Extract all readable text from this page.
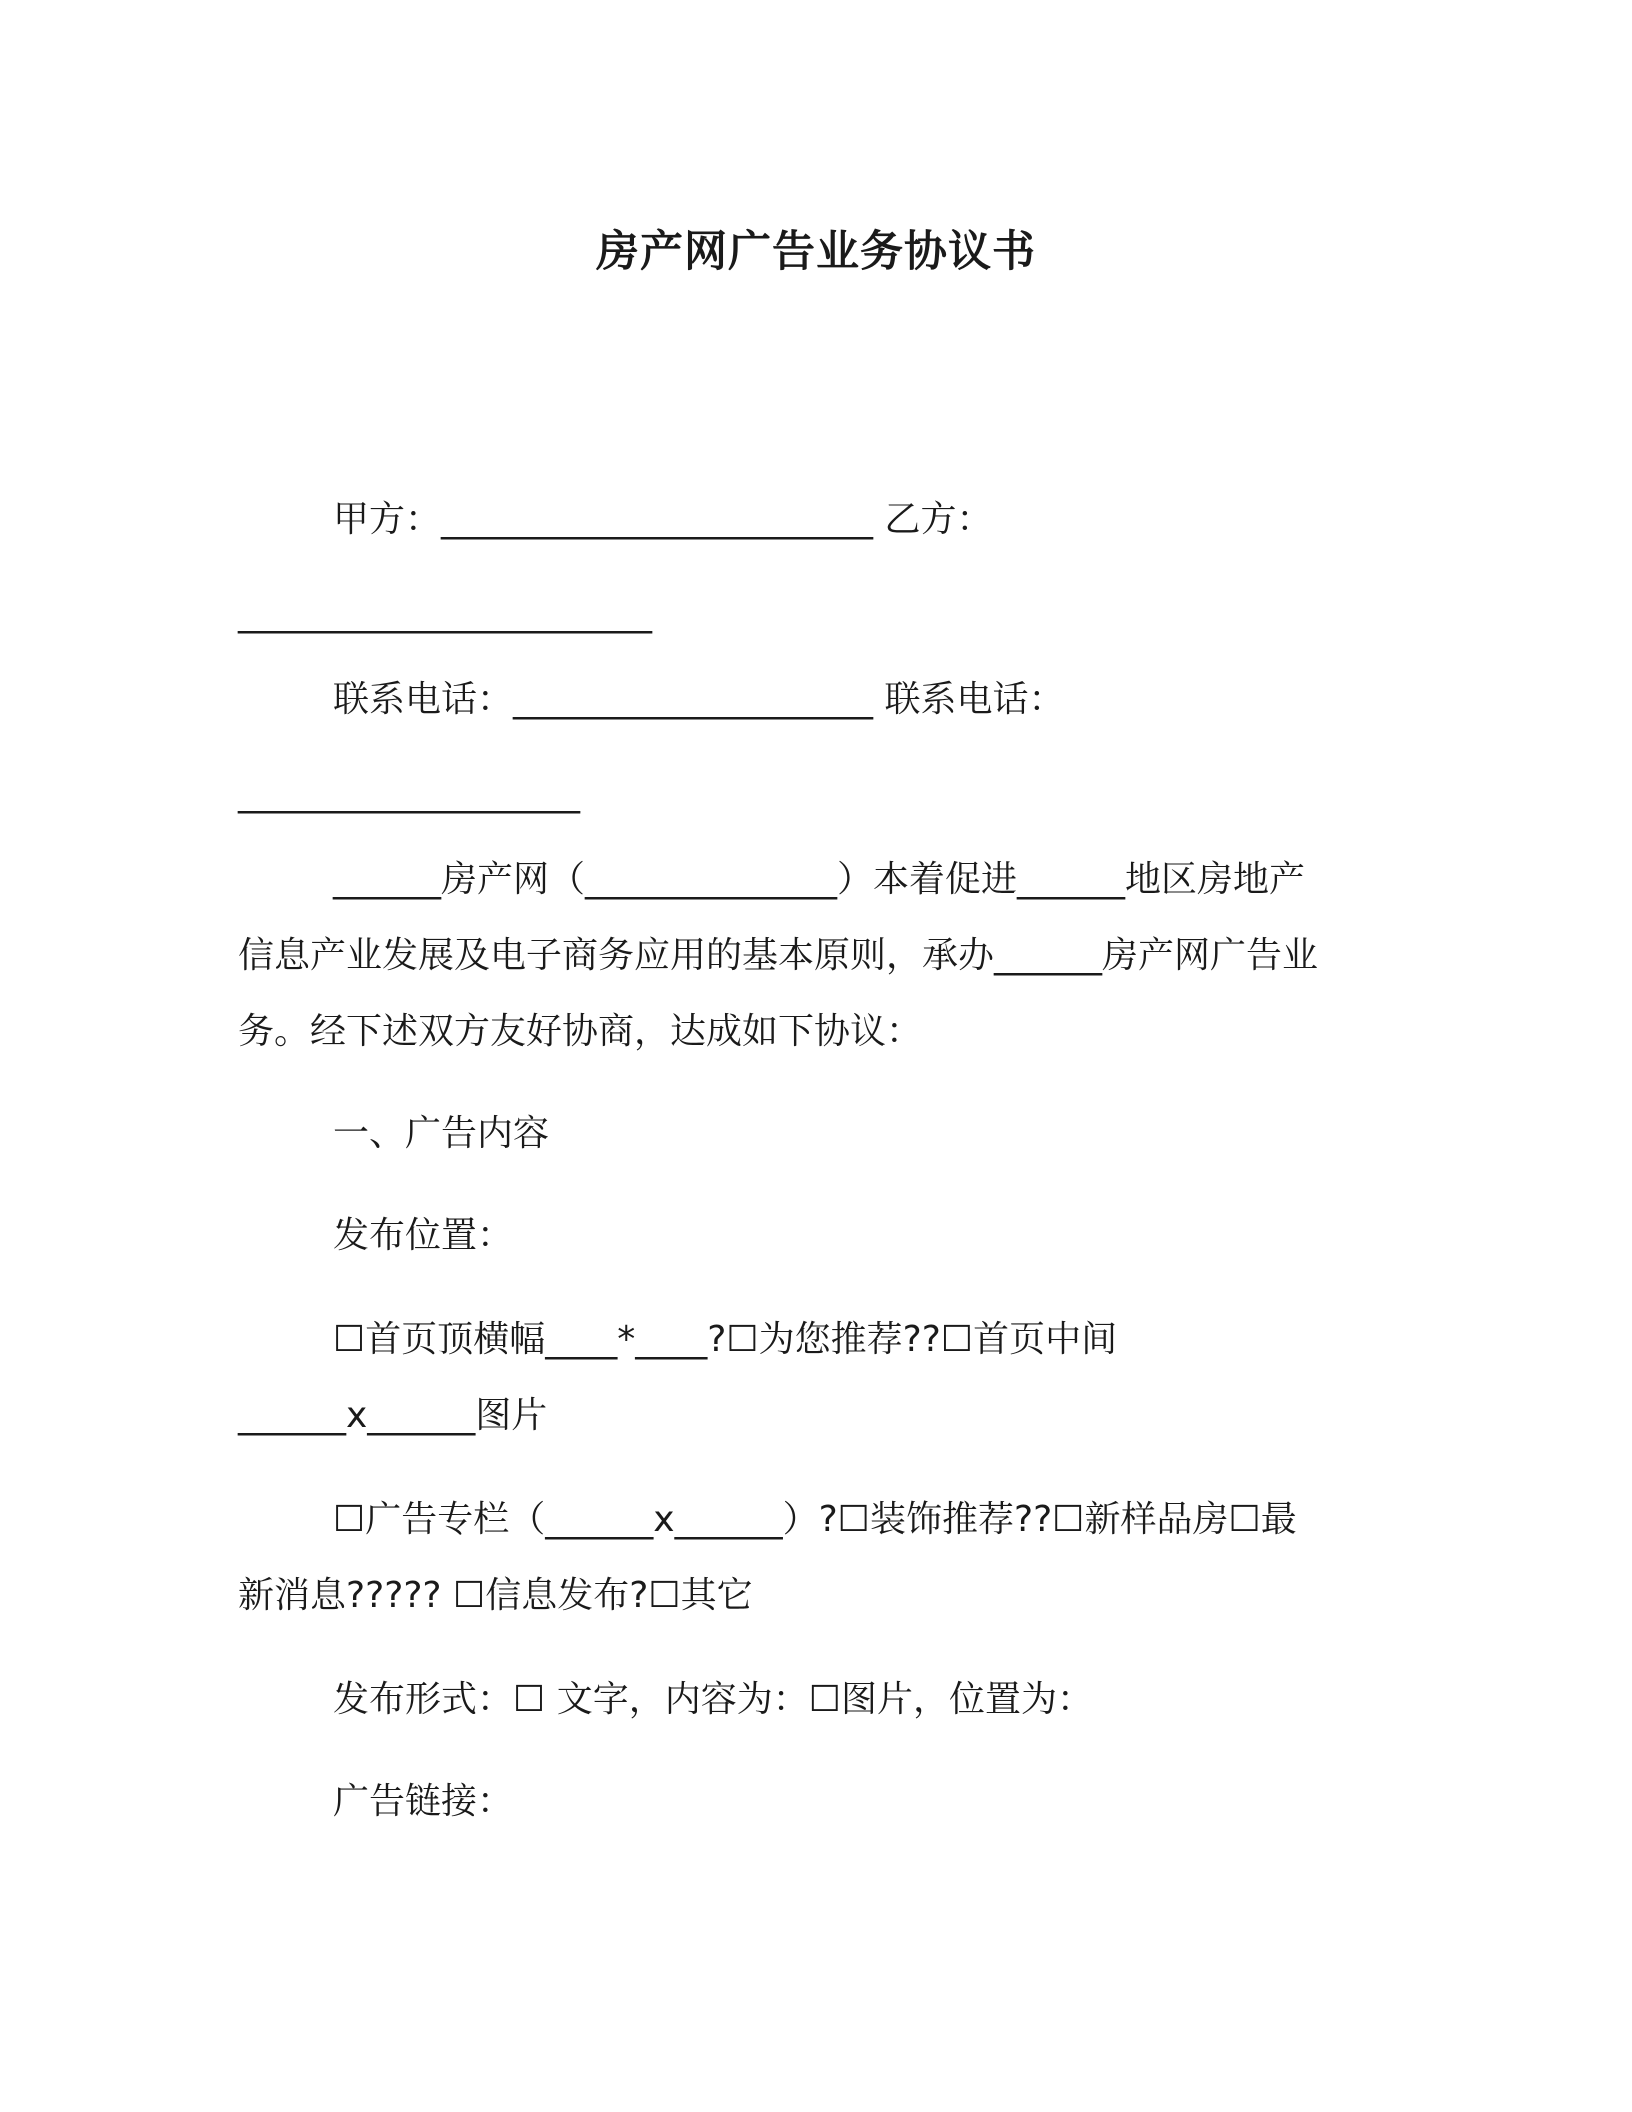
房产网广告业务协议书
甲方：________________________ 乙方：
_______________________
联系电话：____________________ 联系电话：
___________________
______房产网（______________）本着促进______地区房地产
信息产业发展及电子商务应用的基本原则，承办______房产网广告业
务。经下述双方友好协商，达成如下协议：
一、广告内容
发布位置：
☐首页顶横幅____*____?☐为您推荐??☐首页中间
______x______图片
☐广告专栏（______x______）?☐装饰推荐??☐新样品房☐最
新消息????? ☐信息发布?☐其它
发布形式：☐ 文字，内容为：☐图片，位置为：
广告链接：
